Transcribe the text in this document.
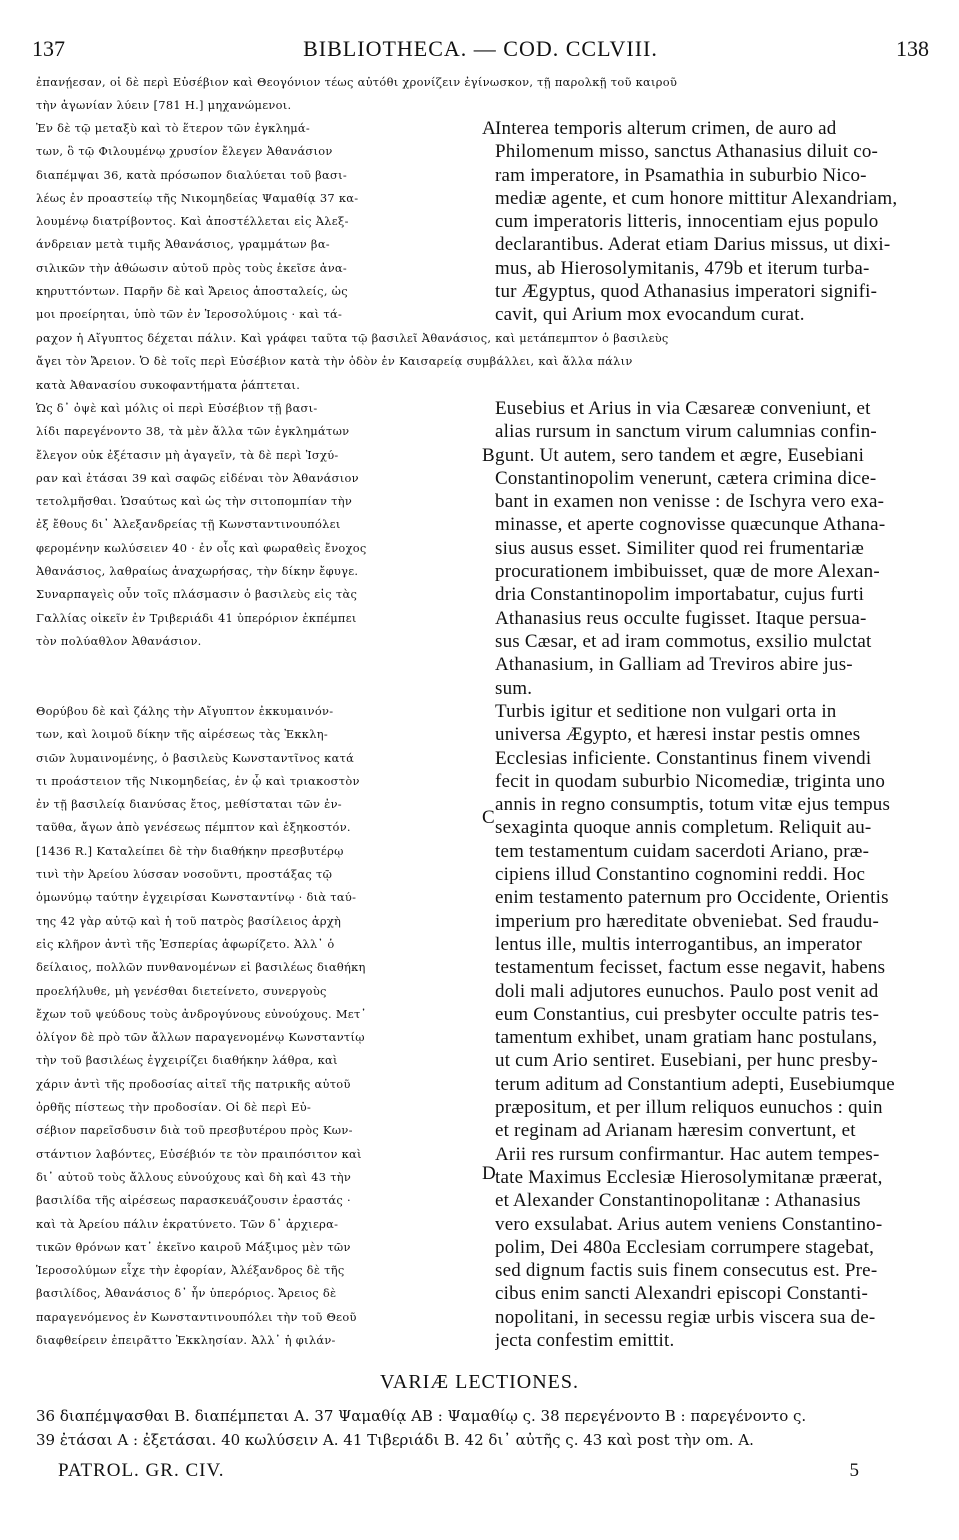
137	BIBLIOTHECA. — COD. CCLVIII.	138
ἐπανῄεσαν, οἱ δὲ περὶ Εὐσέβιον καὶ Θεογόνιον τέως αὐτόθι χρονίζειν ἐγίνωσκον, τῇ παρολκῇ τοῦ καιροῦ
τὴν ἀγωνίαν λύειν [781 H.] μηχανώμενοι.
Ἐν δὲ τῷ μεταξὺ καὶ τὸ ἕτερον τῶν ἐγκλημά-
των, ὃ τῷ Φιλουμένῳ χρυσίον ἔλεγεν Ἀθανάσιον
διαπέμψαι 36, κατὰ πρόσωπον διαλύεται τοῦ βασι-
λέως ἐν προαστείῳ τῆς Νικομηδείας Ψαμαθίᾳ 37 κα-
λουμένῳ διατρίβοντος. Καὶ ἀποστέλλεται εἰς Ἀλεξ-
άνδρειαν μετὰ τιμῆς Ἀθανάσιος, γραμμάτων βα-
σιλικῶν τὴν ἀθώωσιν αὐτοῦ πρὸς τοὺς ἐκεῖσε ἀνα-
κηρυττόντων. Παρῆν δὲ καὶ Ἄρειος ἀποσταλείς, ὡς
μοι προείρηται, ὑπὸ τῶν ἐν Ἱεροσολύμοις · καὶ τά-
A Interea temporis alterum crimen, de auro ad
Philomenum misso, sanctus Athanasius diluit co-
ram imperatore, in Psamathia in suburbio Nico-
mediæ agente, et cum honore mittitur Alexandriam,
cum imperatoris litteris, innocentiam ejus populo
declarantibus. Aderat etiam Darius missus, ut dixi-
mus, ab Hierosolymitanis, 479b et iterum turba-
tur Ægyptus, quod Athanasius imperatori signifi-
cavit, qui Arium mox evocandum curat.
ραχον ἡ Αἴγυπτος δέχεται πάλιν. Καὶ γράφει ταῦτα τῷ βασιλεῖ Ἀθανάσιος, καὶ μετάπεμπτον ὁ βασιλεὺς
ἄγει τὸν Ἄρειον. Ὁ δὲ τοῖς περὶ Εὐσέβιον κατὰ τὴν ὁδὸν ἐν Καισαρείᾳ συμβάλλει, καὶ ἄλλα πάλιν
κατὰ Ἀθανασίου συκοφαντήματα ῥάπτεται.
Ὡς δ᾽ ὀψὲ καὶ μόλις οἱ περὶ Εὐσέβιον τῇ βασι-
λίδι παρεγένοντο 38, τὰ μὲν ἄλλα τῶν ἐγκλημάτων
ἔλεγον οὐκ ἐξέτασιν μὴ ἀγαγεῖν, τὰ δὲ περὶ Ἰσχύ-
ραν καὶ ἐτάσαι 39 καὶ σαφῶς εἰδέναι τὸν Ἀθανάσιον
τετολμῆσθαι. Ὡσαύτως καὶ ὡς τὴν σιτοπομπίαν τὴν
ἐξ ἔθους δι᾽ Ἀλεξανδρείας τῇ Κωνσταντινουπόλει
φερομένην κωλύσειεν 40 · ἐν οἷς καὶ φωραθεὶς ἔνοχος
Ἀθανάσιος, λαθραίως ἀναχωρήσας, τὴν δίκην ἔφυγε.
Συναρπαγεὶς οὖν τοῖς πλάσμασιν ὁ βασιλεὺς εἰς τὰς
Γαλλίας οἰκεῖν ἐν Τριβεριάδι 41 ὑπερόριον ἐκπέμπει
τὸν πολύαθλον Ἀθανάσιον.
B
Eusebius et Arius in via Cæsareæ conveniunt, et
alias rursum in sanctum virum calumnias confin-
gunt. Ut autem, sero tandem et ægre, Eusebiani
Constantinopolim venerunt, cætera crimina dice-
bant in examen non venisse : de Ischyra vero exa-
minasse, et aperte cognovisse quæcunque Athana-
sius ausus esset. Similiter quod rei frumentariæ
procurationem imbibuisset, quæ de more Alexan-
dria Constantinopolim importabatur, cujus furti
Athanasius reus occulte fugisset. Itaque persua-
sus Cæsar, et ad iram commotus, exsilio mulctat
Athanasium, in Galliam ad Treviros abire jus-
sum.
Θορύβου δὲ καὶ ζάλης τὴν Αἴγυπτον ἐκκυμαινόν-
των, καὶ λοιμοῦ δίκην τῆς αἱρέσεως τὰς Ἐκκλη-
σιῶν λυμαινομένης, ὁ βασιλεὺς Κωνσταντῖνος κατά
τι προάστειον τῆς Νικομηδείας, ἐν ᾧ καὶ τριακοστὸν
ἐν τῇ βασιλείᾳ διανύσας ἔτος, μεθίσταται τῶν ἐν-
ταῦθα, ἄγων ἀπὸ γενέσεως πέμπτον καὶ ἑξηκοστόν.
[1436 R.] Καταλείπει δὲ τὴν διαθήκην πρεσβυτέρῳ
τινὶ τὴν Ἀρείου λύσσαν νοσοῦντι, προστάξας τῷ
ὁμωνύμῳ ταύτην ἐγχειρίσαι Κωνσταντίνῳ · διὰ ταύ-
της 42 γὰρ αὐτῷ καὶ ἡ τοῦ πατρὸς βασίλειος ἀρχὴ
εἰς κλῆρον ἀντὶ τῆς Ἑσπερίας ἀφωρίζετο. Ἀλλ᾽ ὁ
δείλαιος, πολλῶν πυνθανομένων εἰ βασιλέως διαθήκη
προελήλυθε, μὴ γενέσθαι διετείνετο, συνεργοὺς
ἔχων τοῦ ψεύδους τοὺς ἀνδρογύνους εὐνούχους. Μετ᾽
ὀλίγον δὲ πρὸ τῶν ἄλλων παραγενομένῳ Κωνσταντίῳ
τὴν τοῦ βασιλέως ἐγχειρίζει διαθήκην λάθρα, καὶ
χάριν ἀντὶ τῆς προδοσίας αἰτεῖ τῆς πατρικῆς αὐτοῦ
ὀρθῆς πίστεως τὴν προδοσίαν. Οἱ δὲ περὶ Εὐ-
σέβιον παρεῖσδυσιν διὰ τοῦ πρεσβυτέρου πρὸς Κων-
στάντιον λαβόντες, Εὐσέβιόν τε τὸν πραιπόσιτον καὶ
δι᾽ αὐτοῦ τοὺς ἄλλους εὐνούχους καὶ δὴ καὶ 43 τὴν
βασιλίδα τῆς αἱρέσεως παρασκευάζουσιν ἐραστάς ·
καὶ τὰ Ἀρείου πάλιν ἐκρατύνετο. Τῶν δ᾽ ἀρχιερα-
τικῶν θρόνων κατ᾽ ἐκεῖνο καιροῦ Μάξιμος μὲν τῶν
Ἱεροσολύμων εἶχε τὴν ἐφορίαν, Ἀλέξανδρος δὲ τῆς
βασιλίδος, Ἀθανάσιος δ᾽ ἦν ὑπερόριος. Ἄρειος δὲ
παραγενόμενος ἐν Κωνσταντινουπόλει τὴν τοῦ Θεοῦ
διαφθείρειν ἐπειρᾶττο Ἐκκλησίαν. Ἀλλ᾽ ἡ φιλάν-
C
D
Turbis igitur et seditione non vulgari orta in
universa Ægypto, et hæresi instar pestis omnes
Ecclesias inficiente. Constantinus finem vivendi
fecit in quodam suburbio Nicomediæ, triginta uno
annis in regno consumptis, totum vitæ ejus tempus
sexaginta quoque annis completum. Reliquit au-
tem testamentum cuidam sacerdoti Ariano, præ-
cipiens illud Constantino cognomini reddi. Hoc
enim testamento paternum pro Occidente, Orientis
imperium pro hæreditate obveniebat. Sed fraudu-
lentus ille, multis interrogantibus, an imperator
testamentum fecisset, factum esse negavit, habens
doli mali adjutores eunuchos. Paulo post venit ad
eum Constantius, cui presbyter occulte patris tes-
tamentum exhibet, unam gratiam hanc postulans,
ut cum Ario sentiret. Eusebiani, per hunc presby-
terum aditum ad Constantium adepti, Eusebiumque
præpositum, et per illum reliquos eunuchos : quin
et reginam ad Arianam hæresim convertunt, et
Arii res rursum confirmantur. Hac autem tempes-
tate Maximus Ecclesiæ Hierosolymitanæ præerat,
et Alexander Constantinopolitanæ : Athanasius
vero exsulabat. Arius autem veniens Constantino-
polim, Dei 480a Ecclesiam corrumpere stagebat,
sed dignum factis suis finem consecutus est. Pre-
cibus enim sancti Alexandri episcopi Constanti-
nopolitani, in secessu regiæ urbis viscera sua de-
jecta confestim emittit.
VARIÆ LECTIONES.
36 διαπέμψασθαι B. διαπέμπεται A. 37 Ψαμαθίᾳ AB : Ψαμαθίῳ ς. 38 περεγένοντο B : παρεγένοντο ς.
39 ἐτάσαι A : ἐξετάσαι. 40 κωλύσειν A. 41 Τιβεριάδι B. 42 δι᾽ αὐτῆς ς. 43 καὶ post τὴν om. A.
PATROL. GR. CIV.	5
